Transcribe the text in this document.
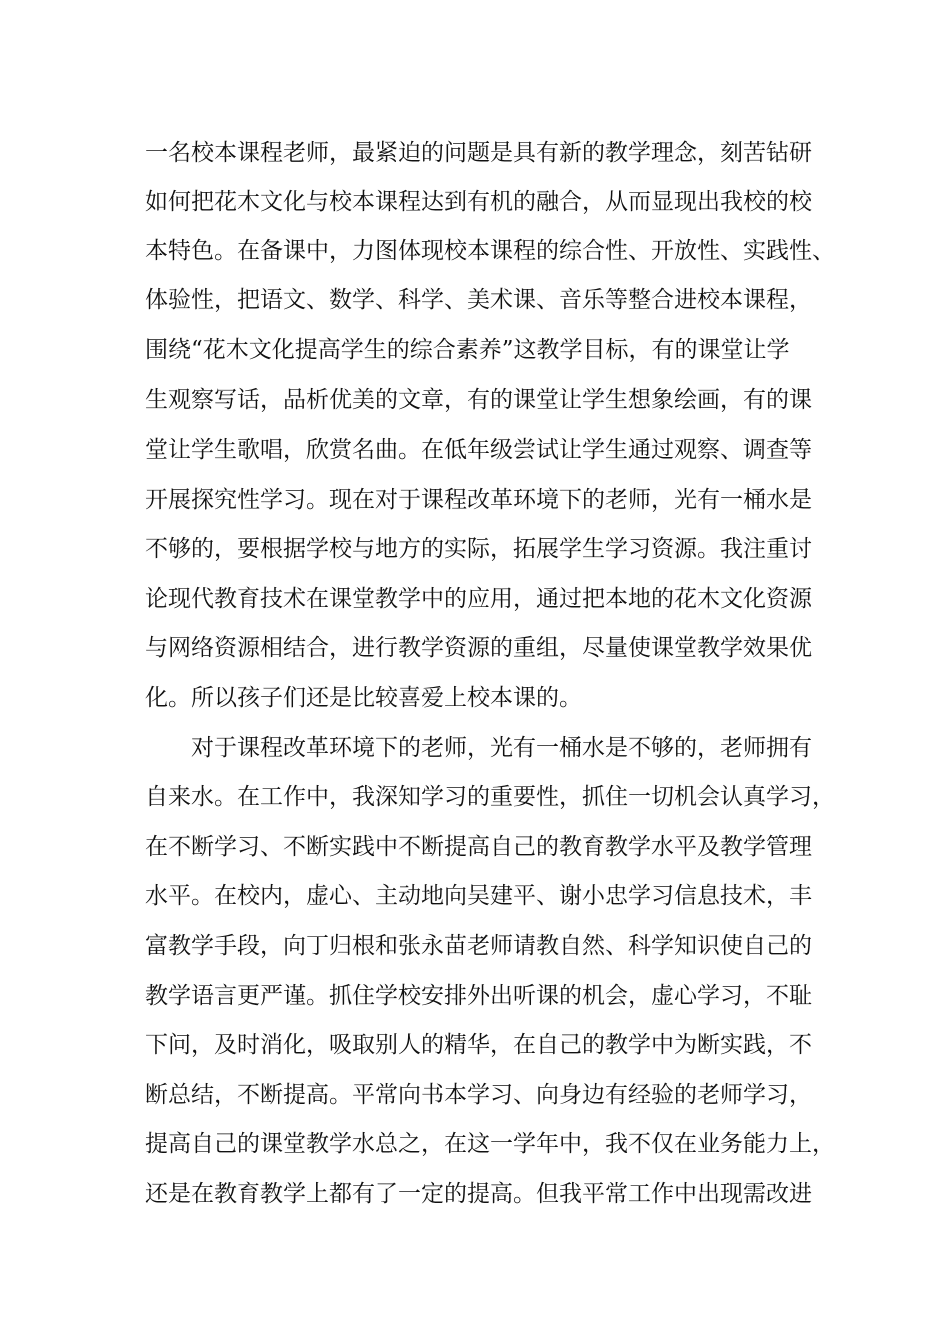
一名校本课程老师，最紧迫的问题是具有新的教学理念，刻苦钻研
如何把花木文化与校本课程达到有机的融合，从而显现出我校的校
本特色。在备课中，力图体现校本课程的综合性、开放性、实践性、
体验性，把语文、数学、科学、美术课、音乐等整合进校本课程，
围绕“花木文化提高学生的综合素养”这教学目标，有的课堂让学
生观察写话，品析优美的文章，有的课堂让学生想象绘画，有的课
堂让学生歌唱，欣赏名曲。在低年级尝试让学生通过观察、调查等
开展探究性学习。现在对于课程改革环境下的老师，光有一桶水是
不够的，要根据学校与地方的实际，拓展学生学习资源。我注重讨
论现代教育技术在课堂教学中的应用，通过把本地的花木文化资源
与网络资源相结合，进行教学资源的重组，尽量使课堂教学效果优
化。所以孩子们还是比较喜爱上校本课的。
对于课程改革环境下的老师，光有一桶水是不够的，老师拥有
自来水。在工作中，我深知学习的重要性，抓住一切机会认真学习，
在不断学习、不断实践中不断提高自己的教育教学水平及教学管理
水平。在校内，虚心、主动地向吴建平、谢小忠学习信息技术，丰
富教学手段，向丁归根和张永苗老师请教自然、科学知识使自己的
教学语言更严谨。抓住学校安排外出听课的机会，虚心学习，不耻
下问，及时消化，吸取别人的精华，在自己的教学中为断实践，不
断总结，不断提高。平常向书本学习、向身边有经验的老师学习，
提高自己的课堂教学水总之，在这一学年中，我不仅在业务能力上，
还是在教育教学上都有了一定的提高。但我平常工作中出现需改进
